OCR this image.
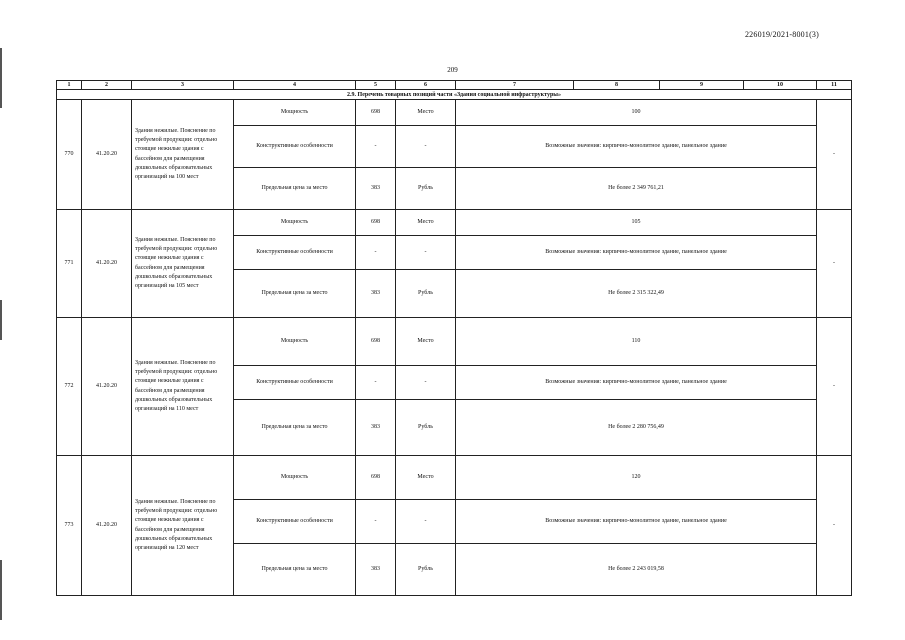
226019/2021-8001(3)
209
1	2	3	4	5	6	7	8	9	10	11
2.9. Перечень товарных позиций части «Здания социальной инфраструктуры»										
770	41.20.20	Здания нежилые. Пояснение по требуемой продукции: отдельно стоящие нежилые здания с бассейном для размещения дошкольных образовательных организаций на 100 мест	Мощность	698	Место	100				-
			Конструктивные особенности	-	-	Возможные значения: кирпично-монолитное здание, панельное здание				
			Предельная цена за место	383	Рубль	Не более 2 349 761,21				
771	41.20.20	Здания нежилые. Пояснение по требуемой продукции: отдельно стоящие нежилые здания с бассейном для размещения дошкольных образовательных организаций на 105 мест	Мощность	698	Место	105				-
			Конструктивные особенности	-	-	Возможные значения: кирпично-монолитное здание, панельное здание				
			Предельная цена за место	383	Рубль	Не более 2 315 322,49				
772	41.20.20	Здания нежилые. Пояснение по требуемой продукции: отдельно стоящие нежилые здания с бассейном для размещения дошкольных образовательных организаций на 110 мест	Мощность	698	Место	110				-
			Конструктивные особенности	-	-	Возможные значения: кирпично-монолитное здание, панельное здание				
			Предельная цена за место	383	Рубль	Не более 2 280 756,49				
773	41.20.20	Здания нежилые. Пояснение по требуемой продукции: отдельно стоящие нежилые здания с бассейном для размещения дошкольных образовательных организаций на 120 мест	Мощность	698	Место	120				-
			Конструктивные особенности	-	-	Возможные значения: кирпично-монолитное здание, панельное здание				
			Предельная цена за место	383	Рубль	Не более 2 243 019,58				
